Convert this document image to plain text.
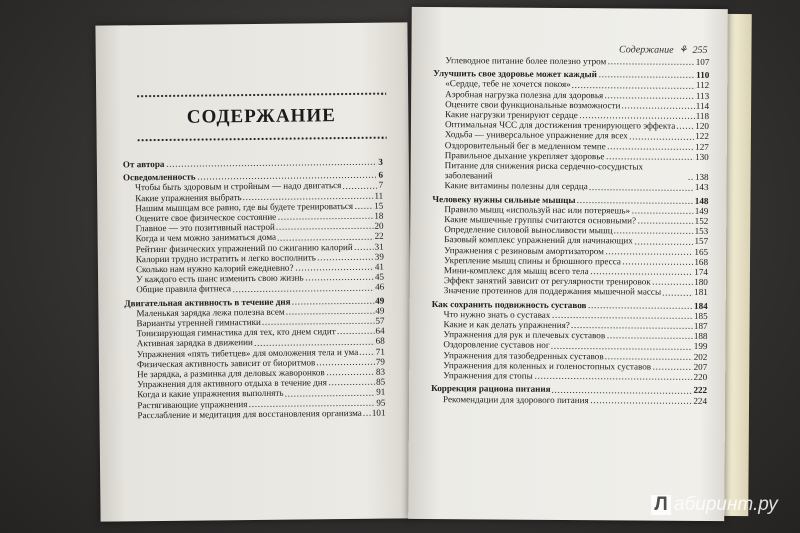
СОДЕРЖАНИЕ
От автора	3
Осведомленность	6
Чтобы быть здоровым и стройным — надо двигаться	7
Какие упражнения выбрать	11
Нашим мышцам все равно, где вы будете тренироваться 15
Оцените свое физическое состояние	18
Главное — это позитивный настрой	20
Когда и чем можно заниматься дома	22
Рейтинг физических упражнений по сжиганию калорий 31
Калории трудно истратить и легко восполнить	39
Сколько нам нужно калорий ежедневно?	41
У каждого есть шанс изменить свою жизнь	45
Общие правила фитнеса	46
Двигательная активность в течение дня	49
Маленькая зарядка лежа полезна всем	49
Варианты утренней гимнастики	57
Тонизирующая гимнастика для тех, кто днем сидит	64
Активная зарядка в движении	68
Упражнения «пять тибетцев» для омоложения тела и ума 71
Физическая активность зависит от биоритмов	79
Не зарядка, а разминка для деловых жаворонков	83
Упражнения для активного отдыха в течение дня	85
Когда и какие упражнения выполнять	91
Растягивающие упражнения	95
Расслабление и медитация для восстановления организма 101
Содержание  ⚘  255
Углеводное питание более полезно утром	107
Улучшить свое здоровье может каждый	110
«Сердце, тебе не хочется покоя»	112
Аэробная нагрузка полезна для здоровья	113
Оцените свои функциональные возможности	114
Какие нагрузки тренируют сердце	118
Оптимальная ЧСС для достижения тренирующего эффекта 120
Ходьба — универсальное упражнение для всех	122
Оздоровительный бег в медленном темпе	127
Правильное дыхание укрепляет здоровье	130
Питание для снижения риска сердечно-сосудистых заболеваний	138
Какие витамины полезны для сердца	143
Человеку нужны сильные мышцы	148
Правило мышц «используй нас или потеряешь»	149
Какие мышечные группы считаются основными?	152
Определение силовой выносливости мышц	153
Базовый комплекс упражнений для начинающих	157
Упражнения с резиновым амортизатором	165
Укрепление мышц спины и брюшного пресса	168
Мини-комплекс для мышц всего тела	174
Эффект занятий зависит от регулярности тренировок	180
Значение протеинов для поддержания мышечной массы	181
Как сохранить подвижность суставов	184
Что нужно знать о суставах	185
Какие и как делать упражнения?	187
Упражнения для рук и плечевых суставов	188
Оздоровление суставов ног	199
Упражнения для тазобедренных суставов	202
Упражнения для коленных и голеностопных суставов	207
Упражнения для стопы	220
Коррекция рациона питания	222
Рекомендации для здорового питания	224
Л абиринт.ру
